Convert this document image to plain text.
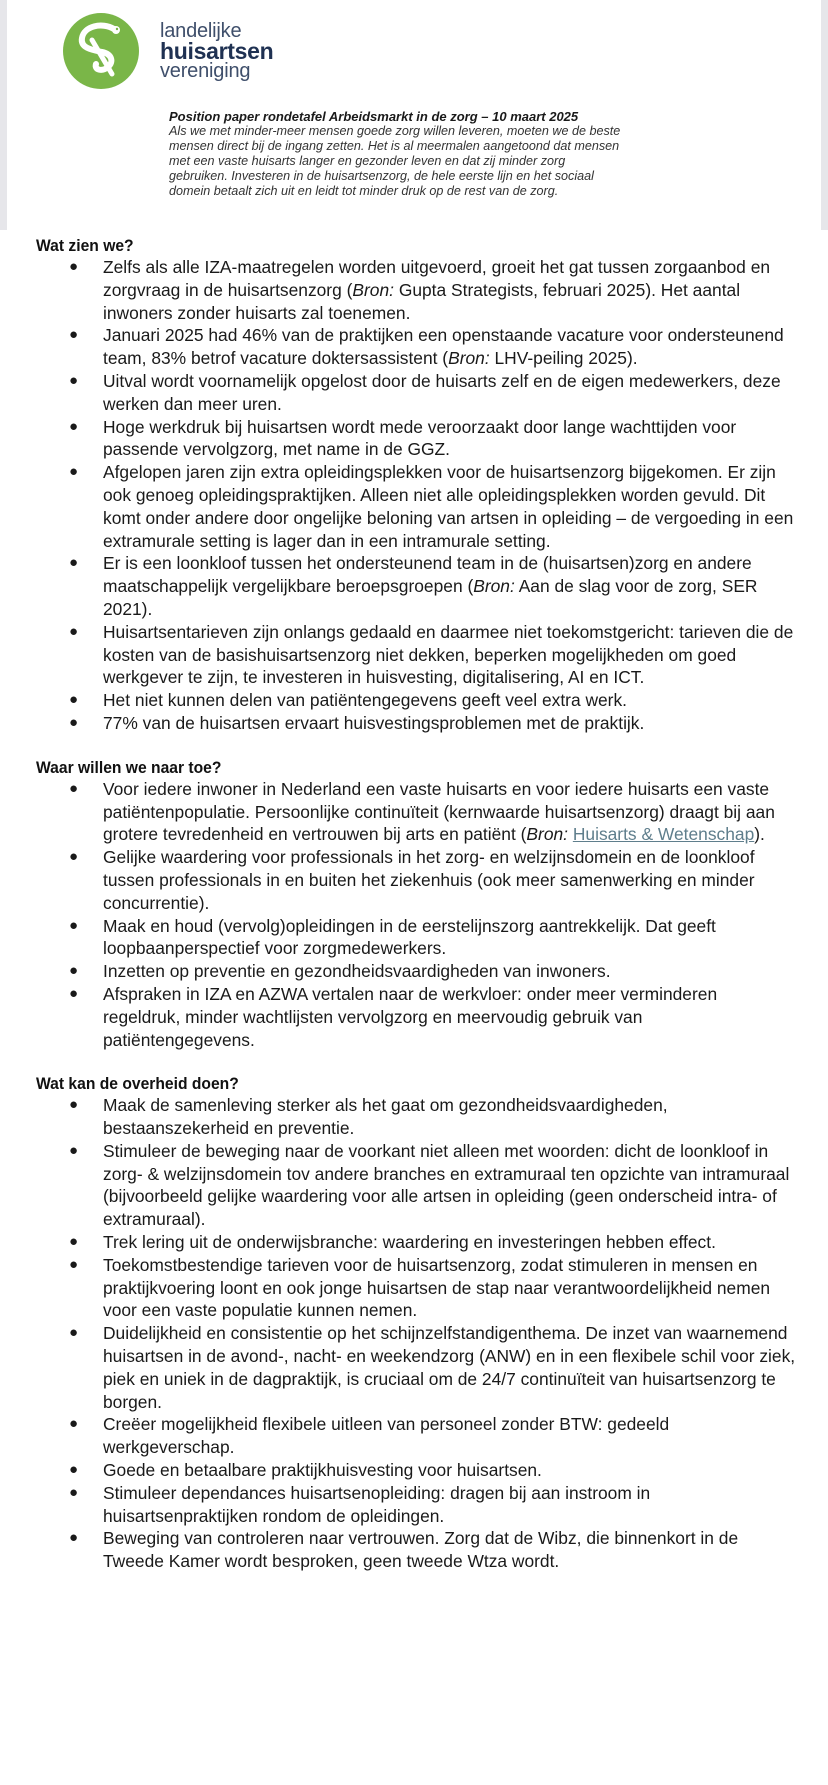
landelijke
huisartsen
vereniging
Position paper rondetafel Arbeidsmarkt in de zorg – 10 maart 2025
Als we met minder-meer mensen goede zorg willen leveren, moeten we de beste
mensen direct bij de ingang zetten. Het is al meermalen aangetoond dat mensen
met een vaste huisarts langer en gezonder leven en dat zij minder zorg
gebruiken. Investeren in de huisartsenzorg, de hele eerste lijn en het sociaal
domein betaalt zich uit en leidt tot minder druk op de rest van de zorg.
Wat zien we?
● Zelfs als alle IZA-maatregelen worden uitgevoerd, groeit het gat tussen zorgaanbod en zorgvraag in de huisartsenzorg (Bron: Gupta Strategists, februari 2025). Het aantal inwoners zonder huisarts zal toenemen.
● Januari 2025 had 46% van de praktijken een openstaande vacature voor ondersteunend team, 83% betrof vacature doktersassistent (Bron: LHV-peiling 2025).
● Uitval wordt voornamelijk opgelost door de huisarts zelf en de eigen medewerkers, deze werken dan meer uren.
● Hoge werkdruk bij huisartsen wordt mede veroorzaakt door lange wachttijden voor passende vervolgzorg, met name in de GGZ.
● Afgelopen jaren zijn extra opleidingsplekken voor de huisartsenzorg bijgekomen. Er zijn ook genoeg opleidingspraktijken. Alleen niet alle opleidingsplekken worden gevuld. Dit komt onder andere door ongelijke beloning van artsen in opleiding – de vergoeding in een extramurale setting is lager dan in een intramurale setting.
● Er is een loonkloof tussen het ondersteunend team in de (huisartsen)zorg en andere maatschappelijk vergelijkbare beroepsgroepen (Bron: Aan de slag voor de zorg, SER 2021).
● Huisartsentarieven zijn onlangs gedaald en daarmee niet toekomstgericht: tarieven die de kosten van de basishuisartsenzorg niet dekken, beperken mogelijkheden om goed werkgever te zijn, te investeren in huisvesting, digitalisering, AI en ICT.
● Het niet kunnen delen van patiëntengegevens geeft veel extra werk.
● 77% van de huisartsen ervaart huisvestingsproblemen met de praktijk.
Waar willen we naar toe?
● Voor iedere inwoner in Nederland een vaste huisarts en voor iedere huisarts een vaste patiëntenpopulatie. Persoonlijke continuïteit (kernwaarde huisartsenzorg) draagt bij aan grotere tevredenheid en vertrouwen bij arts en patiënt (Bron: Huisarts & Wetenschap).
● Gelijke waardering voor professionals in het zorg- en welzijnsdomein en de loonkloof tussen professionals in en buiten het ziekenhuis (ook meer samenwerking en minder concurrentie).
● Maak en houd (vervolg)opleidingen in de eerstelijnszorg aantrekkelijk. Dat geeft loopbaanperspectief voor zorgmedewerkers.
● Inzetten op preventie en gezondheidsvaardigheden van inwoners.
● Afspraken in IZA en AZWA vertalen naar de werkvloer: onder meer verminderen regeldruk, minder wachtlijsten vervolgzorg en meervoudig gebruik van patiëntengegevens.
Wat kan de overheid doen?
● Maak de samenleving sterker als het gaat om gezondheidsvaardigheden, bestaanszekerheid en preventie.
● Stimuleer de beweging naar de voorkant niet alleen met woorden: dicht de loonkloof in zorg- & welzijnsdomein tov andere branches en extramuraal ten opzichte van intramuraal (bijvoorbeeld gelijke waardering voor alle artsen in opleiding (geen onderscheid intra- of extramuraal).
● Trek lering uit de onderwijsbranche: waardering en investeringen hebben effect.
● Toekomstbestendige tarieven voor de huisartsenzorg, zodat stimuleren in mensen en praktijkvoering loont en ook jonge huisartsen de stap naar verantwoordelijkheid nemen voor een vaste populatie kunnen nemen.
● Duidelijkheid en consistentie op het schijnzelfstandigenthema. De inzet van waarnemend huisartsen in de avond-, nacht- en weekendzorg (ANW) en in een flexibele schil voor ziek, piek en uniek in de dagpraktijk, is cruciaal om de 24/7 continuïteit van huisartsenzorg te borgen.
● Creëer mogelijkheid flexibele uitleen van personeel zonder BTW: gedeeld werkgeverschap.
● Goede en betaalbare praktijkhuisvesting voor huisartsen.
● Stimuleer dependances huisartsenopleiding: dragen bij aan instroom in huisartsenpraktijken rondom de opleidingen.
● Beweging van controleren naar vertrouwen. Zorg dat de Wibz, die binnenkort in de Tweede Kamer wordt besproken, geen tweede Wtza wordt.
